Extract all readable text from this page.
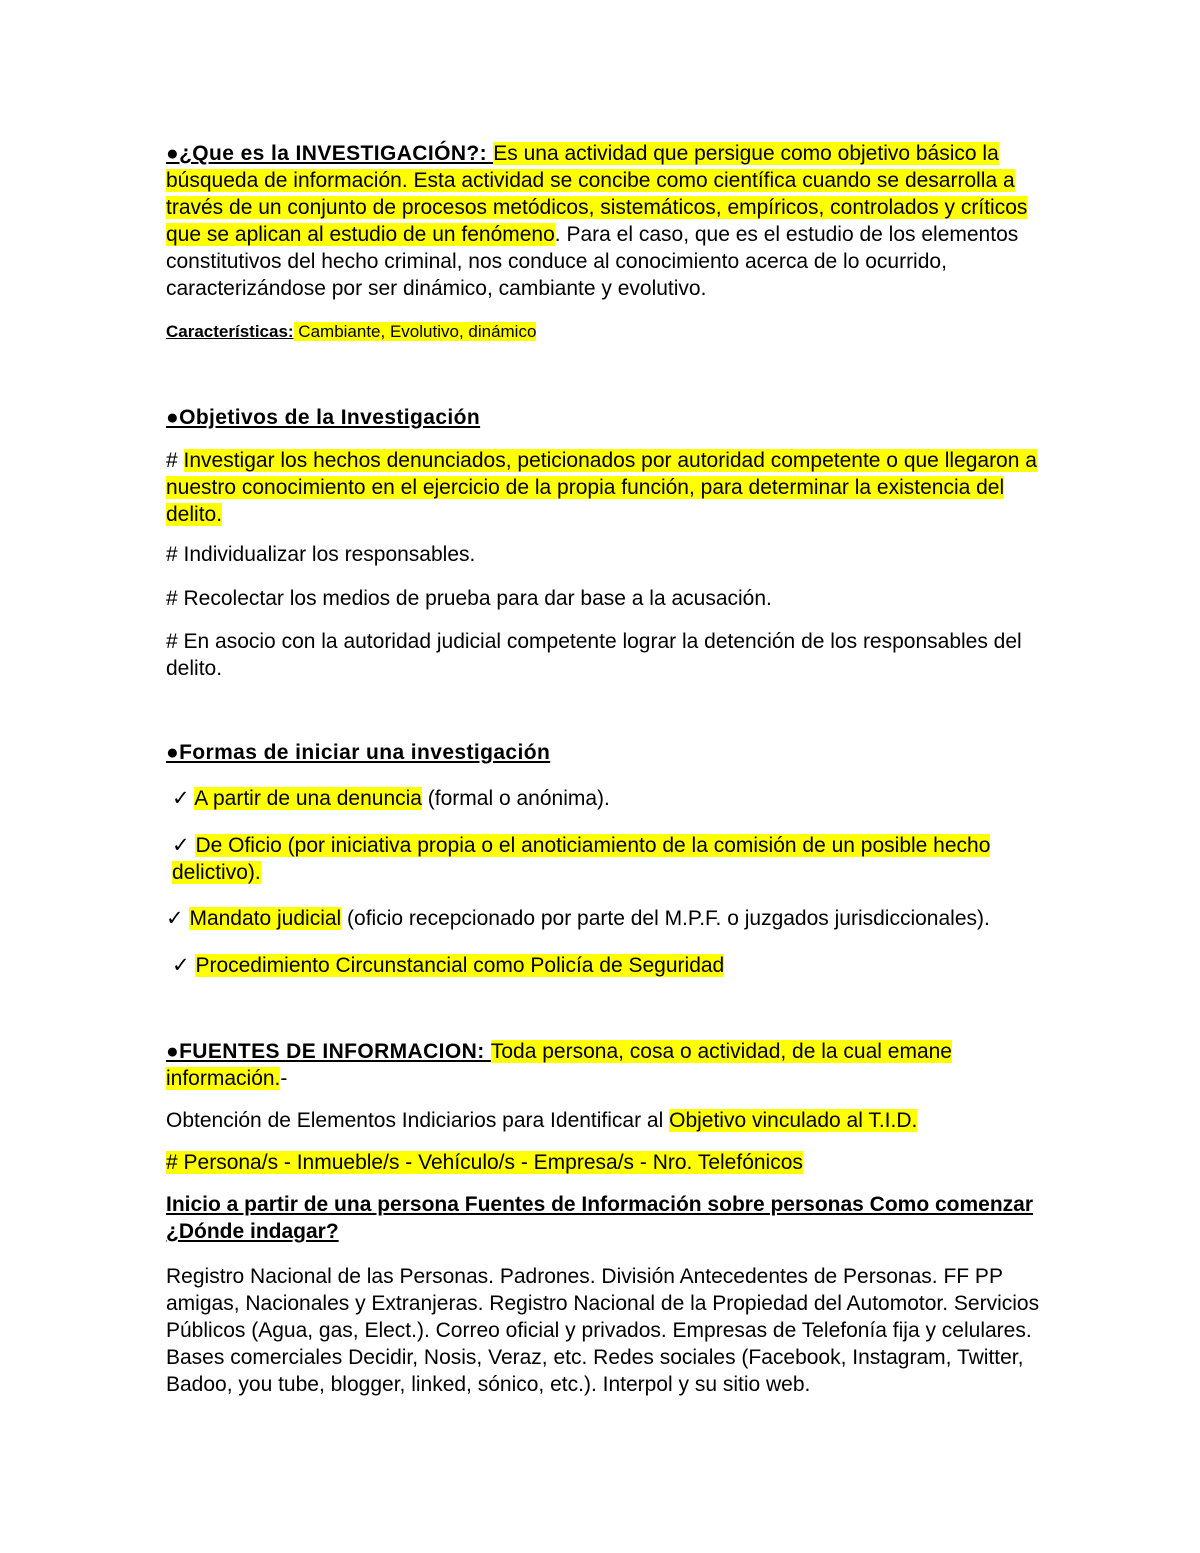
●¿Que es la INVESTIGACIÓN?: Es una actividad que persigue como objetivo básico la búsqueda de información. Esta actividad se concibe como científica cuando se desarrolla a través de un conjunto de procesos metódicos, sistemáticos, empíricos, controlados y críticos que se aplican al estudio de un fenómeno. Para el caso, que es el estudio de los elementos constitutivos del hecho criminal, nos conduce al conocimiento acerca de lo ocurrido, caracterizándose por ser dinámico, cambiante y evolutivo.

Características: Cambiante, Evolutivo, dinámico

●Objetivos de la Investigación

# Investigar los hechos denunciados, peticionados por autoridad competente o que llegaron a nuestro conocimiento en el ejercicio de la propia función, para determinar la existencia del delito.

# Individualizar los responsables.

# Recolectar los medios de prueba para dar base a la acusación.

# En asocio con la autoridad judicial competente lograr la detención de los responsables del delito.

●Formas de iniciar una investigación

✓ A partir de una denuncia (formal o anónima).

✓ De Oficio (por iniciativa propia o el anoticiamiento de la comisión de un posible hecho delictivo).

✓ Mandato judicial (oficio recepcionado por parte del M.P.F. o juzgados jurisdiccionales).

✓ Procedimiento Circunstancial como Policía de Seguridad

●FUENTES DE INFORMACION: Toda persona, cosa o actividad, de la cual emane información.-

Obtención de Elementos Indiciarios para Identificar al Objetivo vinculado al T.I.D.

# Persona/s - Inmueble/s - Vehículo/s - Empresa/s - Nro. Telefónicos

Inicio a partir de una persona Fuentes de Información sobre personas Como comenzar ¿Dónde indagar?

Registro Nacional de las Personas. Padrones. División Antecedentes de Personas. FF PP amigas, Nacionales y Extranjeras. Registro Nacional de la Propiedad del Automotor. Servicios Públicos (Agua, gas, Elect.). Correo oficial y privados. Empresas de Telefonía fija y celulares. Bases comerciales Decidir, Nosis, Veraz, etc. Redes sociales (Facebook, Instagram, Twitter, Badoo, you tube, blogger, linked, sónico, etc.). Interpol y su sitio web.
